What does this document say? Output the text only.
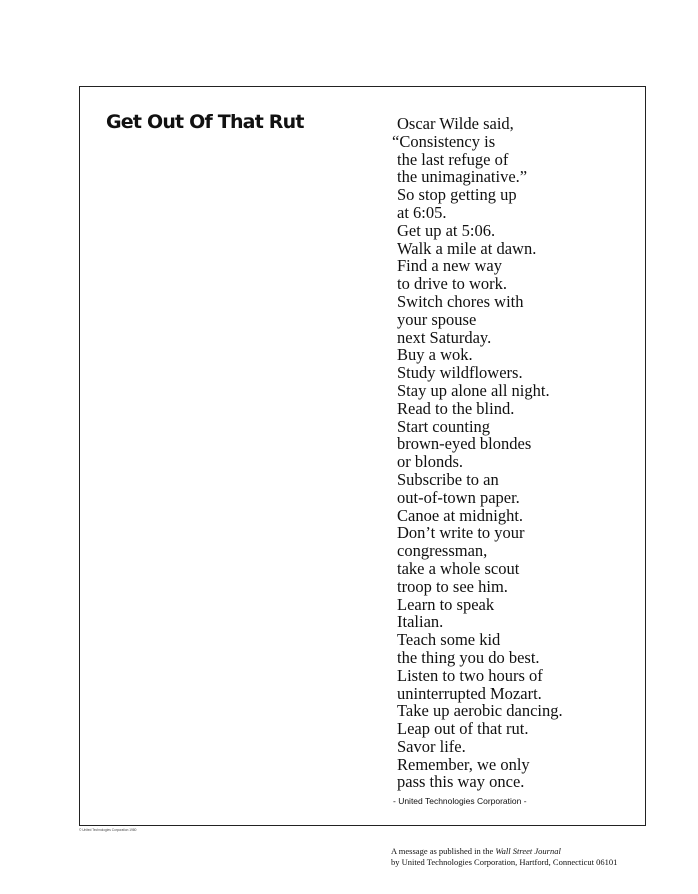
Get Out Of That Rut	Oscar Wilde said,
“Consistency is
the last refuge of
the unimaginative.”
So stop getting up
at 6:05.
Get up at 5:06.
Walk a mile at dawn.
Find a new way
to drive to work.
Switch chores with
your spouse
next Saturday.
Buy a wok.
Study wildflowers.
Stay up alone all night.
Read to the blind.
Start counting
brown-eyed blondes
or blonds.
Subscribe to an
out-of-town paper.
Canoe at midnight.
Don’t write to your
congressman,
take a whole scout
troop to see him.
Learn to speak
Italian.
Teach some kid
the thing you do best.
Listen to two hours of
uninterrupted Mozart.
Take up aerobic dancing.
Leap out of that rut.
Savor life.
Remember, we only
pass this way once.

- United Technologies Corporation -

© United Technologies Corporation 1980
A message as published in the Wall Street Journal
by United Technologies Corporation, Hartford, Connecticut 06101
